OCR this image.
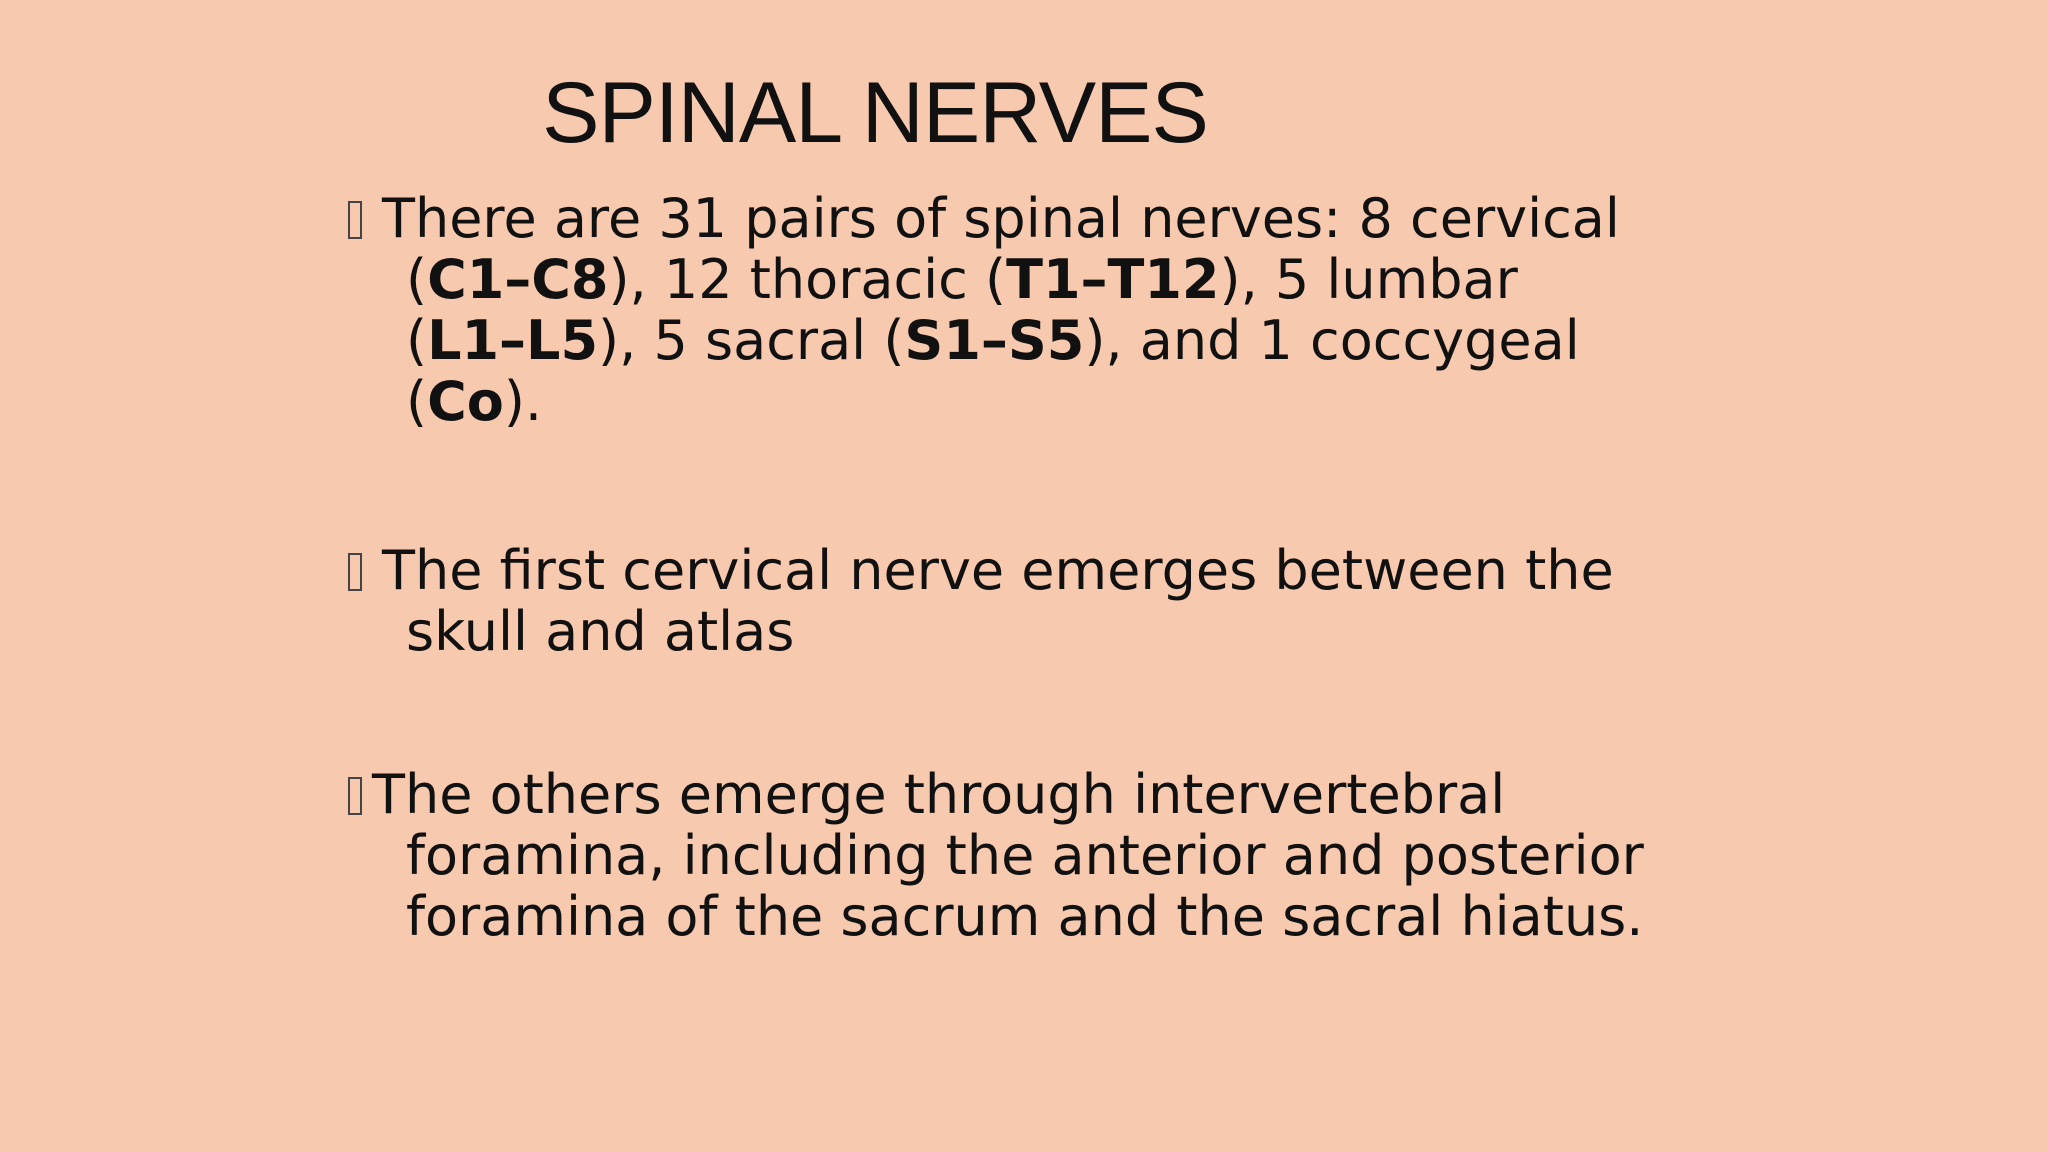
SPINAL NERVES
There are 31 pairs of spinal nerves: 8 cervical
(C1–C8), 12 thoracic (T1–T12), 5 lumbar
(L1–L5), 5 sacral (S1–S5), and 1 coccygeal
(Co).
The first cervical nerve emerges between the
skull and atlas
The others emerge through intervertebral
foramina, including the anterior and posterior
foramina of the sacrum and the sacral hiatus.
